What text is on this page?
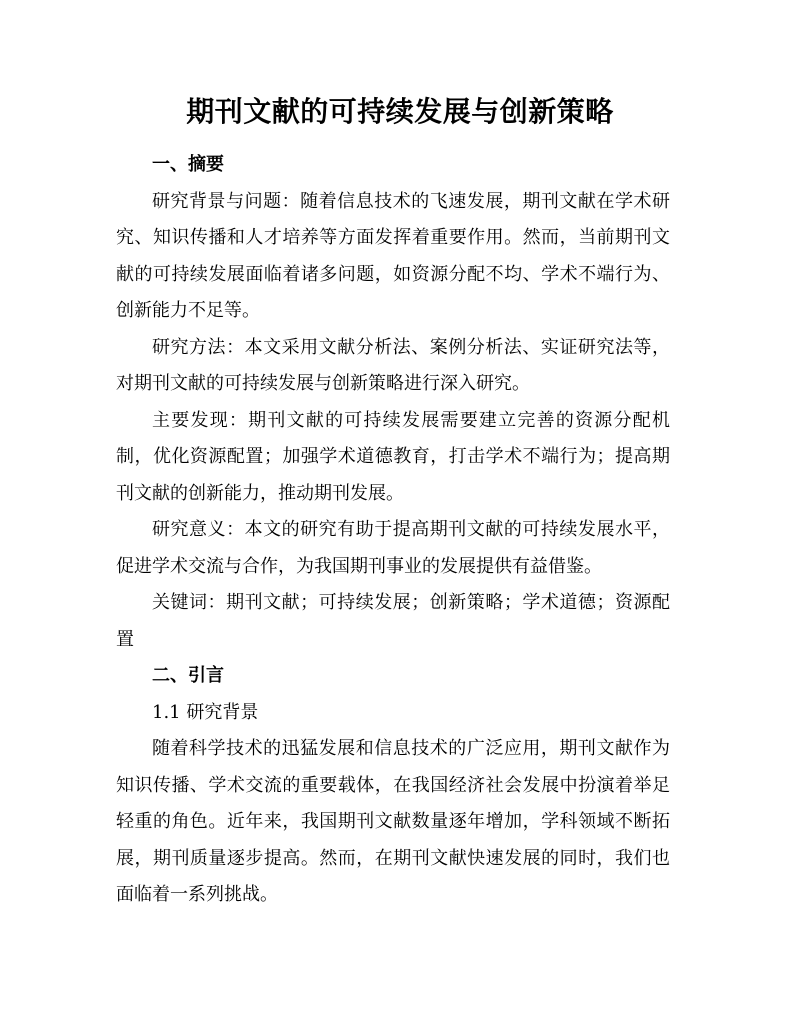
期刊文献的可持续发展与创新策略
一、摘要

研究背景与问题：随着信息技术的飞速发展，期刊文献在学术研究、知识传播和人才培养等方面发挥着重要作用。然而，当前期刊文献的可持续发展面临着诸多问题，如资源分配不均、学术不端行为、创新能力不足等。

研究方法：本文采用文献分析法、案例分析法、实证研究法等，对期刊文献的可持续发展与创新策略进行深入研究。

主要发现：期刊文献的可持续发展需要建立完善的资源分配机制，优化资源配置；加强学术道德教育，打击学术不端行为；提高期刊文献的创新能力，推动期刊发展。

研究意义：本文的研究有助于提高期刊文献的可持续发展水平，促进学术交流与合作，为我国期刊事业的发展提供有益借鉴。

关键词：期刊文献；可持续发展；创新策略；学术道德；资源配置

二、引言
1.1 研究背景

随着科学技术的迅猛发展和信息技术的广泛应用，期刊文献作为知识传播、学术交流的重要载体，在我国经济社会发展中扮演着举足轻重的角色。近年来，我国期刊文献数量逐年增加，学科领域不断拓展，期刊质量逐步提高。然而，在期刊文献快速发展的同时，我们也面临着一系列挑战。
